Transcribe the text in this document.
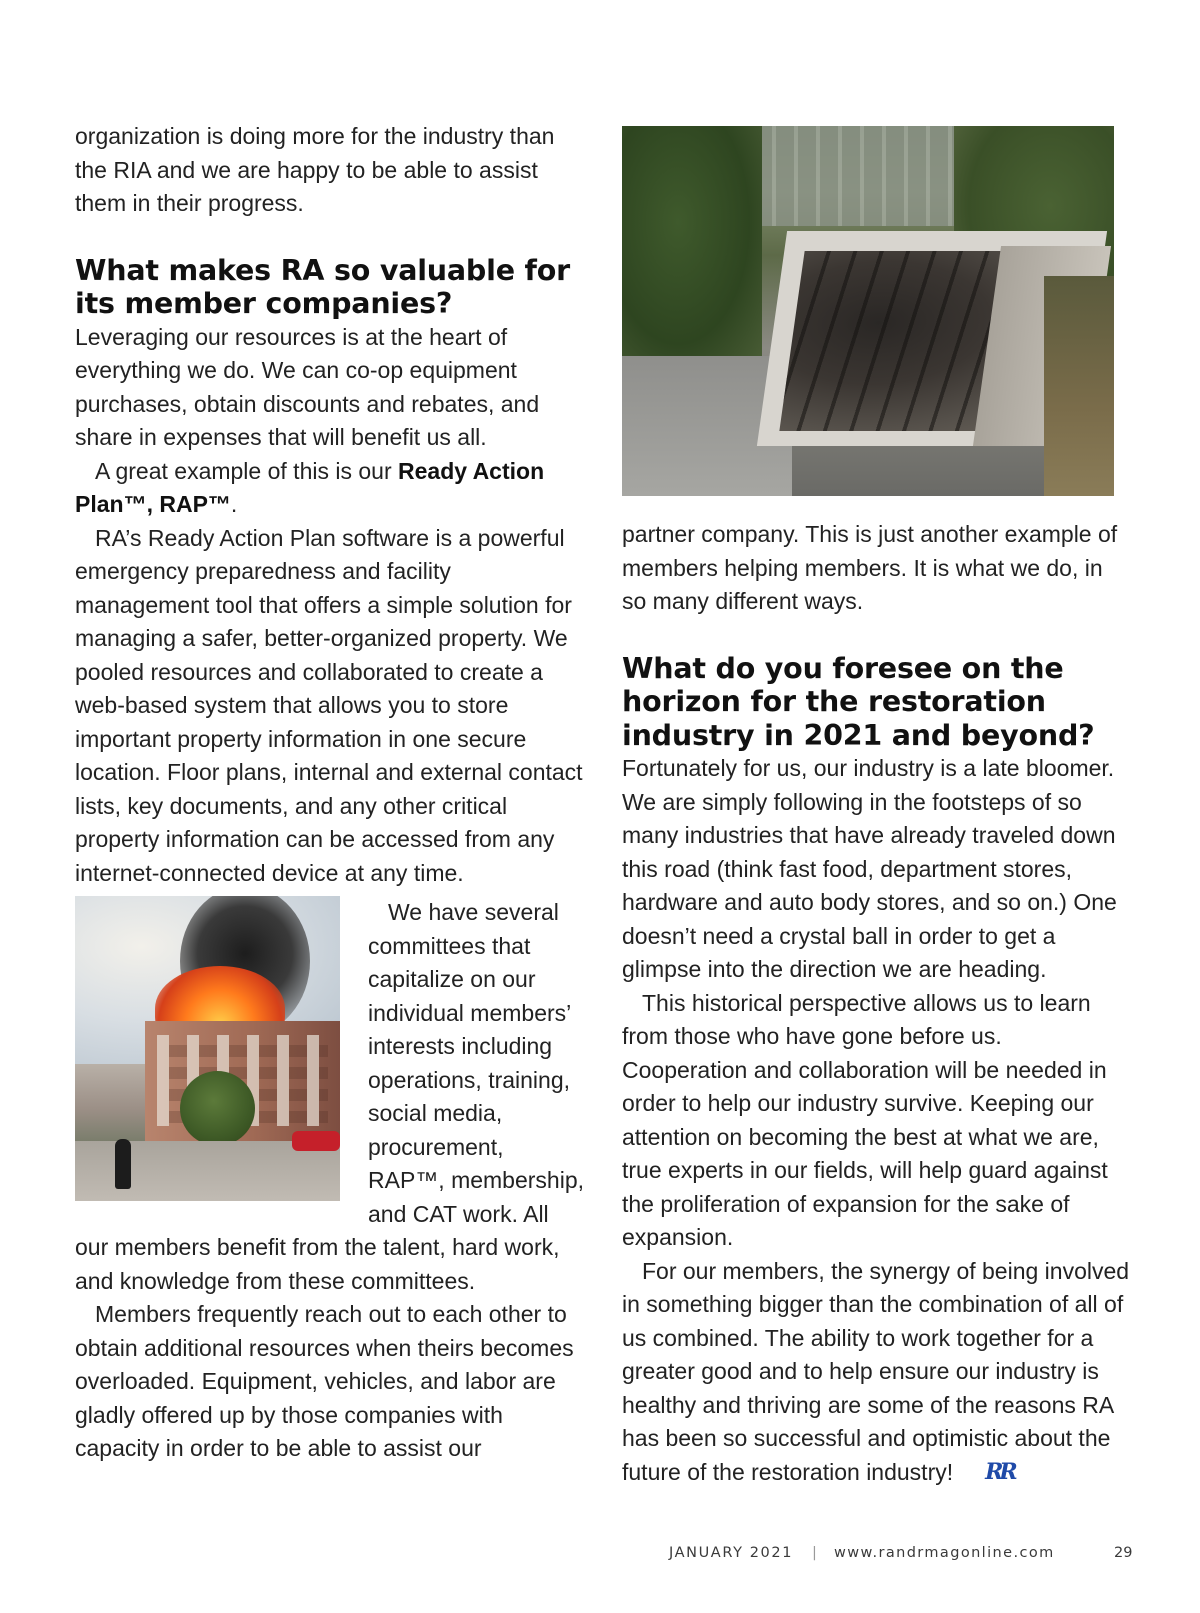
organization is doing more for the industry than the RIA and we are happy to be able to assist them in their progress.

What makes RA so valuable for its member companies?

Leveraging our resources is at the heart of everything we do. We can co-op equipment purchases, obtain discounts and rebates, and share in expenses that will benefit us all.

A great example of this is our Ready Action Plan™, RAP™.

RA’s Ready Action Plan software is a powerful emergency preparedness and facility management tool that offers a simple solution for managing a safer, better-organized property. We pooled resources and collaborated to create a web-based system that allows you to store important property information in one secure location. Floor plans, internal and external contact lists, key documents, and any other critical property information can be accessed from any internet-connected device at any time.

We have several committees that capitalize on our individual members’ interests including operations, training, social media, procurement, RAP™, membership, and CAT work. All our members benefit from the talent, hard work, and knowledge from these committees.

Members frequently reach out to each other to obtain additional resources when theirs becomes overloaded. Equipment, vehicles, and labor are gladly offered up by those companies with capacity in order to be able to assist our

partner company. This is just another example of members helping members. It is what we do, in so many different ways.

What do you foresee on the horizon for the restoration industry in 2021 and beyond?

Fortunately for us, our industry is a late bloomer. We are simply following in the footsteps of so many industries that have already traveled down this road (think fast food, department stores, hardware and auto body stores, and so on.) One doesn’t need a crystal ball in order to get a glimpse into the direction we are heading.

This historical perspective allows us to learn from those who have gone before us. Cooperation and collaboration will be needed in order to help our industry survive. Keeping our attention on becoming the best at what we are, true experts in our fields, will help guard against the proliferation of expansion for the sake of expansion.

For our members, the synergy of being involved in something bigger than the combination of all of us combined. The ability to work together for a greater good and to help ensure our industry is healthy and thriving are some of the reasons RA has been so successful and optimistic about the future of the restoration industry! RR

JANUARY 2021 | www.randrmagonline.com	29
